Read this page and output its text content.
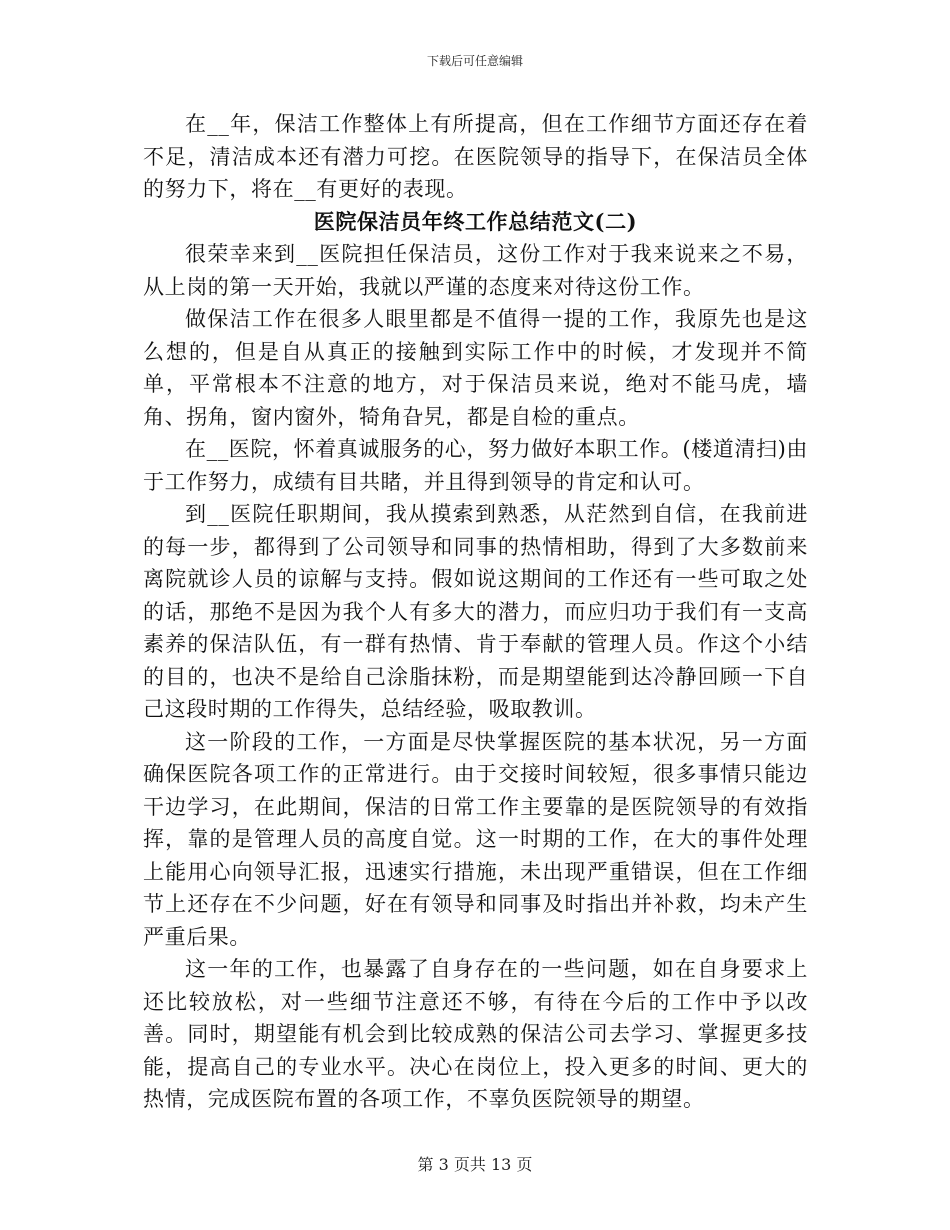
下载后可任意编辑

在__年，保洁工作整体上有所提高，但在工作细节方面还存在着不足，清洁成本还有潜力可挖。在医院领导的指导下，在保洁员全体的努力下，将在__有更好的表现。

医院保洁员年终工作总结范文(二)

很荣幸来到__医院担任保洁员，这份工作对于我来说来之不易，从上岗的第一天开始，我就以严谨的态度来对待这份工作。

做保洁工作在很多人眼里都是不值得一提的工作，我原先也是这么想的，但是自从真正的接触到实际工作中的时候，才发现并不简单，平常根本不注意的地方，对于保洁员来说，绝对不能马虎，墙角、拐角，窗内窗外，犄角旮旯，都是自检的重点。

在__医院，怀着真诚服务的心，努力做好本职工作。(楼道清扫)由于工作努力，成绩有目共睹，并且得到领导的肯定和认可。

到__医院任职期间，我从摸索到熟悉，从茫然到自信，在我前进的每一步，都得到了公司领导和同事的热情相助，得到了大多数前来离院就诊人员的谅解与支持。假如说这期间的工作还有一些可取之处的话，那绝不是因为我个人有多大的潜力，而应归功于我们有一支高素养的保洁队伍，有一群有热情、肯于奉献的管理人员。作这个小结的目的，也决不是给自己涂脂抹粉，而是期望能到达冷静回顾一下自己这段时期的工作得失，总结经验，吸取教训。

这一阶段的工作，一方面是尽快掌握医院的基本状况，另一方面确保医院各项工作的正常进行。由于交接时间较短，很多事情只能边干边学习，在此期间，保洁的日常工作主要靠的是医院领导的有效指挥，靠的是管理人员的高度自觉。这一时期的工作，在大的事件处理上能用心向领导汇报，迅速实行措施，未出现严重错误，但在工作细节上还存在不少问题，好在有领导和同事及时指出并补救，均未产生严重后果。

这一年的工作，也暴露了自身存在的一些问题，如在自身要求上还比较放松，对一些细节注意还不够，有待在今后的工作中予以改善。同时，期望能有机会到比较成熟的保洁公司去学习、掌握更多技能，提高自己的专业水平。决心在岗位上，投入更多的时间、更大的热情，完成医院布置的各项工作，不辜负医院领导的期望。

第 3 页共 13 页
